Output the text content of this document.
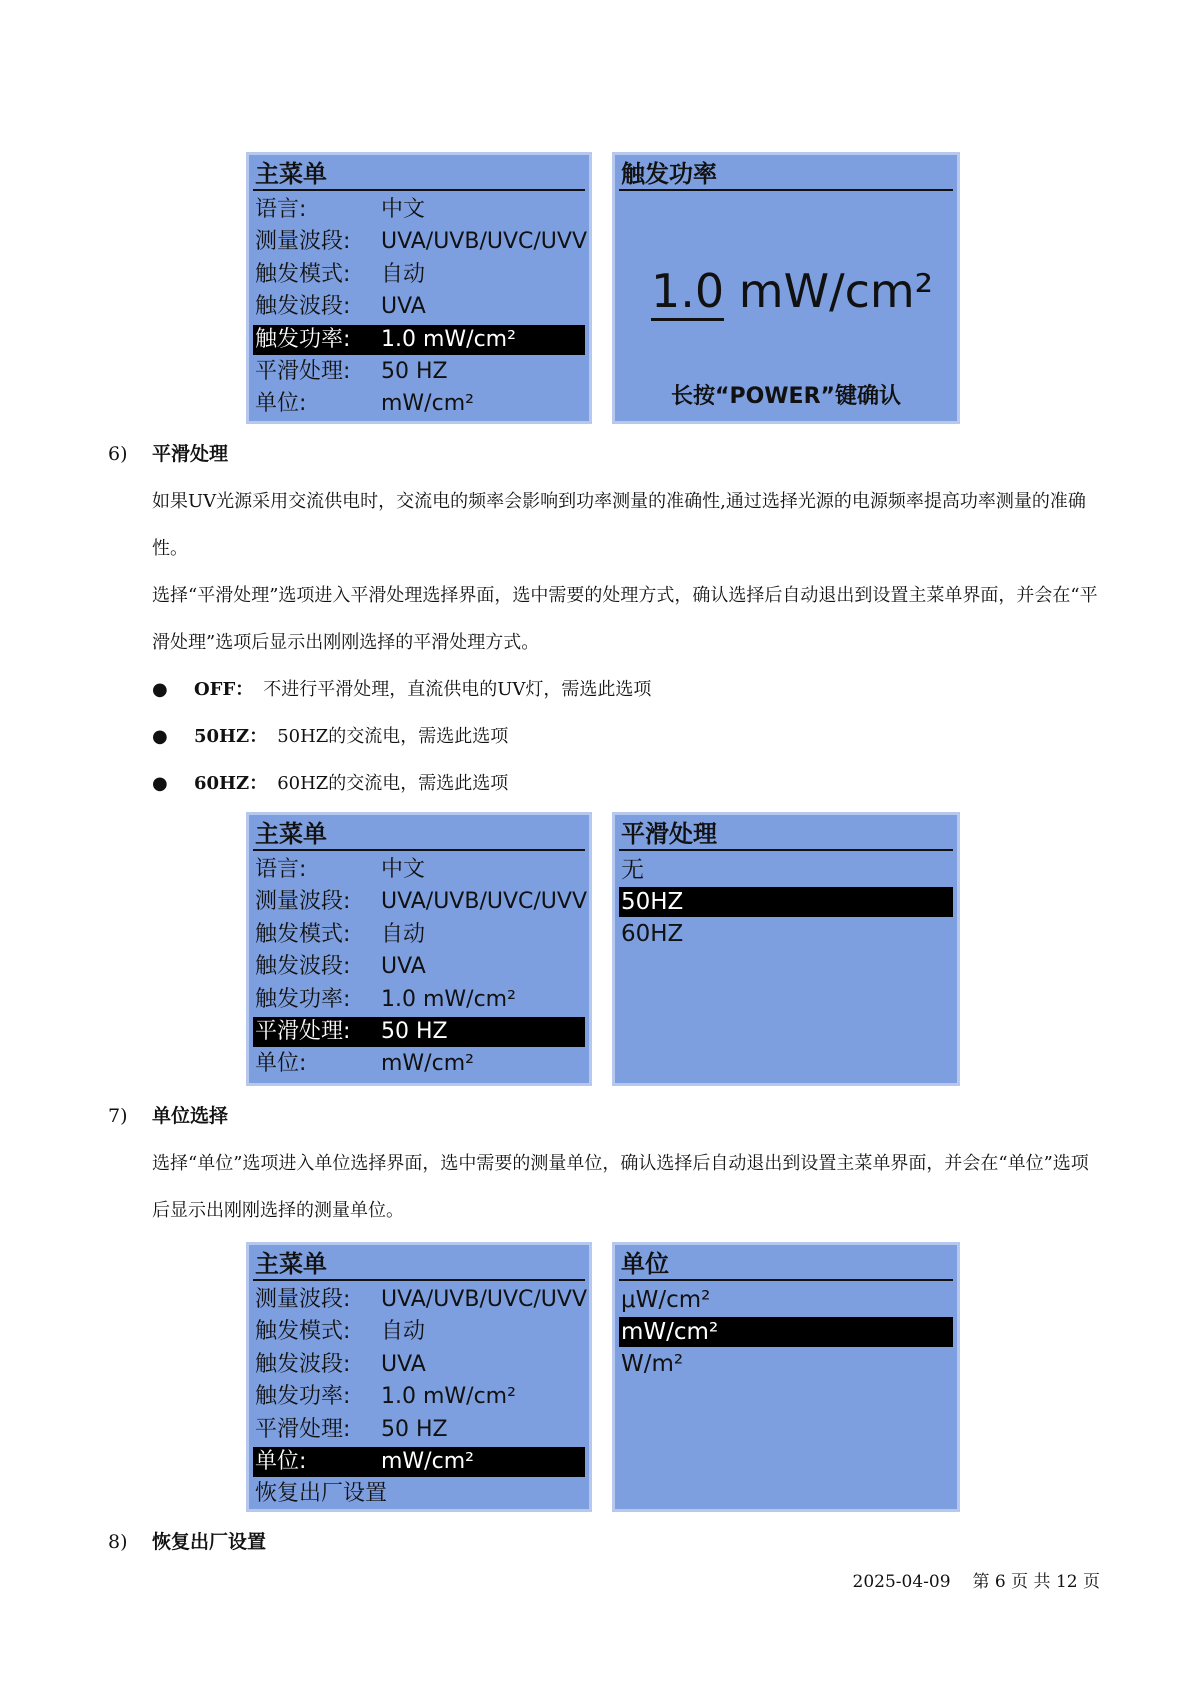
主菜单
语言:	中文
测量波段: UVA/UVB/UVC/UVV
触发模式: 自动
触发波段: UVA
触发功率: 1.0 mW/cm²
平滑处理: 50 HZ
单位:	mW/cm²
触发功率
1.0 mW/cm²
长按“POWER”键确认
6) 平滑处理
如果UV光源采用交流供电时，交流电的频率会影响到功率测量的准确性,通过选择光源的电源频率提高功率测量的准确性。
选择“平滑处理”选项进入平滑处理选择界面，选中需要的处理方式，确认选择后自动退出到设置主菜单界面，并会在“平滑处理”选项后显示出刚刚选择的平滑处理方式。
● OFF： 不进行平滑处理，直流供电的UV灯，需选此选项
● 50HZ： 50HZ的交流电，需选此选项
● 60HZ： 60HZ的交流电，需选此选项
主菜单
语言:	中文
测量波段: UVA/UVB/UVC/UVV
触发模式: 自动
触发波段: UVA
触发功率: 1.0 mW/cm²
平滑处理: 50 HZ
单位:	mW/cm²
平滑处理
无
50HZ
60HZ
7) 单位选择
选择“单位”选项进入单位选择界面，选中需要的测量单位，确认选择后自动退出到设置主菜单界面，并会在“单位”选项后显示出刚刚选择的测量单位。
主菜单
测量波段: UVA/UVB/UVC/UVV
触发模式: 自动
触发波段: UVA
触发功率: 1.0 mW/cm²
平滑处理: 50 HZ
单位:	mW/cm²
恢复出厂设置
单位
μW/cm²
mW/cm²
W/m²
8) 恢复出厂设置
2025-04-09 第 6 页 共 12 页
